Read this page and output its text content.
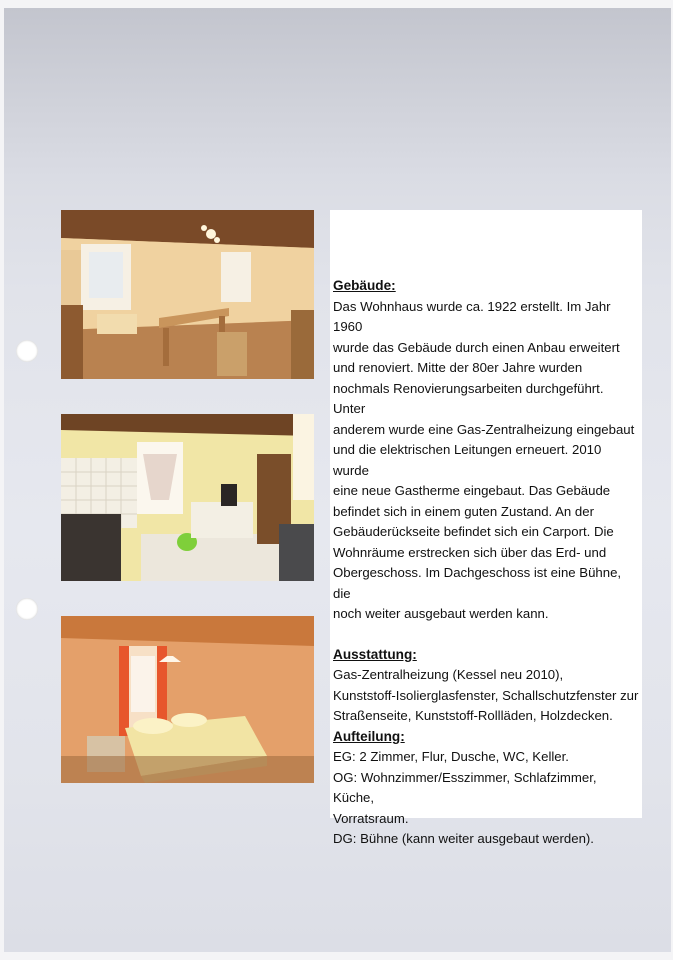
Gebäude:

Das Wohnhaus wurde ca. 1922 erstellt. Im Jahr 1960

wurde das Gebäude durch einen Anbau erweitert

und renoviert. Mitte der 80er Jahre wurden

nochmals Renovierungsarbeiten durchgeführt. Unter

anderem wurde eine Gas-Zentralheizung eingebaut

und die elektrischen Leitungen erneuert. 2010 wurde

eine neue Gastherme eingebaut. Das Gebäude

befindet sich in einem guten Zustand. An der

Gebäuderückseite befindet sich ein Carport. Die

Wohnräume erstrecken sich über das Erd- und

Obergeschoss. Im Dachgeschoss ist eine Bühne, die

noch weiter ausgebaut werden kann.

Ausstattung:

Gas-Zentralheizung (Kessel neu 2010),

Kunststoff-Isolierglasfenster, Schallschutzfenster zur

Straßenseite, Kunststoff-Rollläden, Holzdecken.

Aufteilung:

EG: 2 Zimmer, Flur, Dusche, WC, Keller.

OG: Wohnzimmer/Esszimmer, Schlafzimmer, Küche,

Vorratsraum.

DG: Bühne (kann weiter ausgebaut werden).
